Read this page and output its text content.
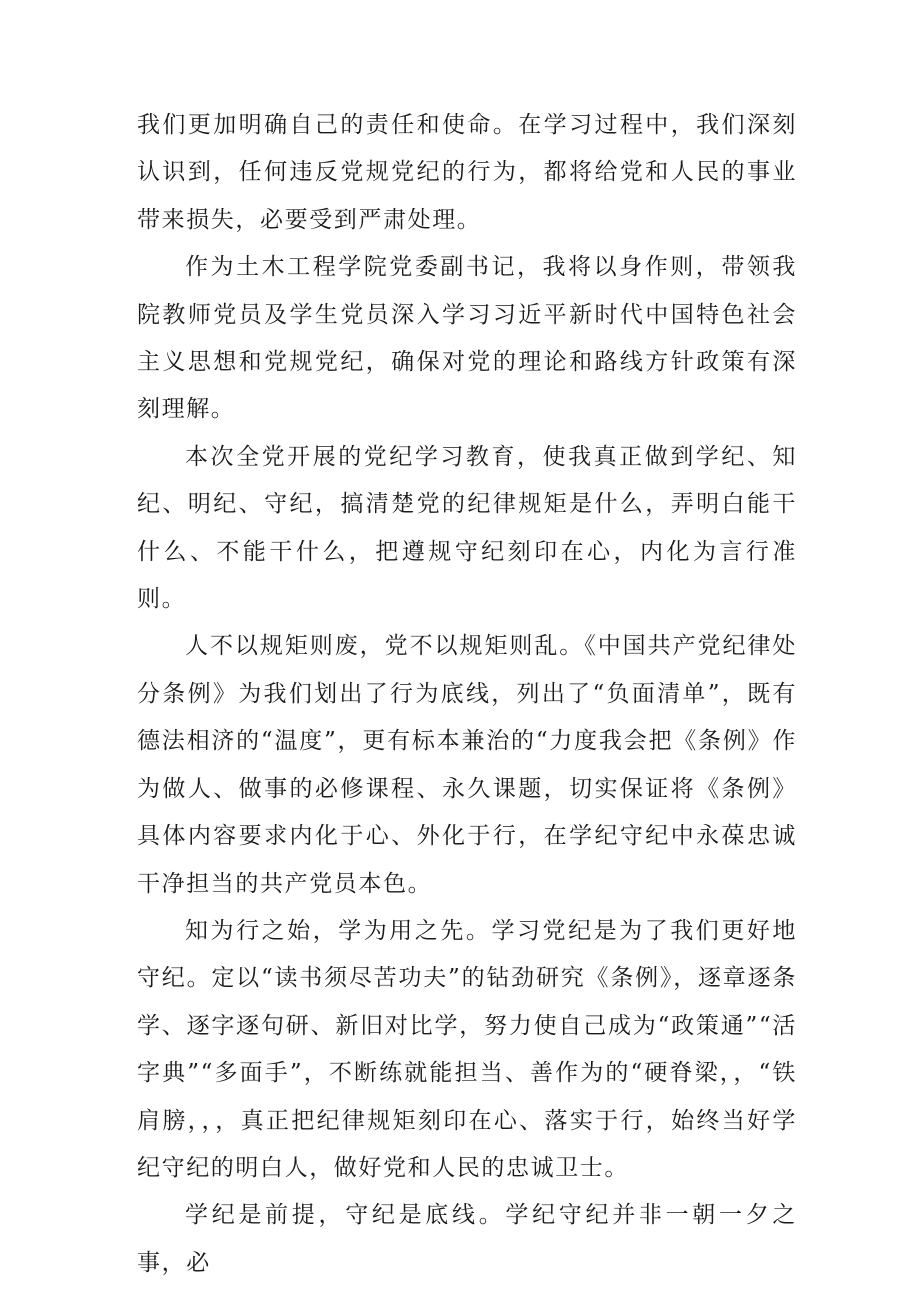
我们更加明确自己的责任和使命。在学习过程中，我们深刻认识到，任何违反党规党纪的行为，都将给党和人民的事业带来损失，必要受到严肃处理。

作为土木工程学院党委副书记，我将以身作则，带领我院教师党员及学生党员深入学习习近平新时代中国特色社会主义思想和党规党纪，确保对党的理论和路线方针政策有深刻理解。

本次全党开展的党纪学习教育，使我真正做到学纪、知纪、明纪、守纪，搞清楚党的纪律规矩是什么，弄明白能干什么、不能干什么，把遵规守纪刻印在心，内化为言行准则。

人不以规矩则废，党不以规矩则乱。《中国共产党纪律处分条例》为我们划出了行为底线，列出了“负面清单”，既有德法相济的“温度”，更有标本兼治的“力度我会把《条例》作为做人、做事的必修课程、永久课题，切实保证将《条例》具体内容要求内化于心、外化于行，在学纪守纪中永葆忠诚干净担当的共产党员本色。

知为行之始，学为用之先。学习党纪是为了我们更好地守纪。定以“读书须尽苦功夫”的钻劲研究《条例》，逐章逐条学、逐字逐句研、新旧对比学，努力使自己成为“政策通”“活字典”“多面手”，不断练就能担当、善作为的“硬脊梁，，“铁肩膀，，，真正把纪律规矩刻印在心、落实于行，始终当好学纪守纪的明白人，做好党和人民的忠诚卫士。

学纪是前提，守纪是底线。学纪守纪并非一朝一夕之事，必
